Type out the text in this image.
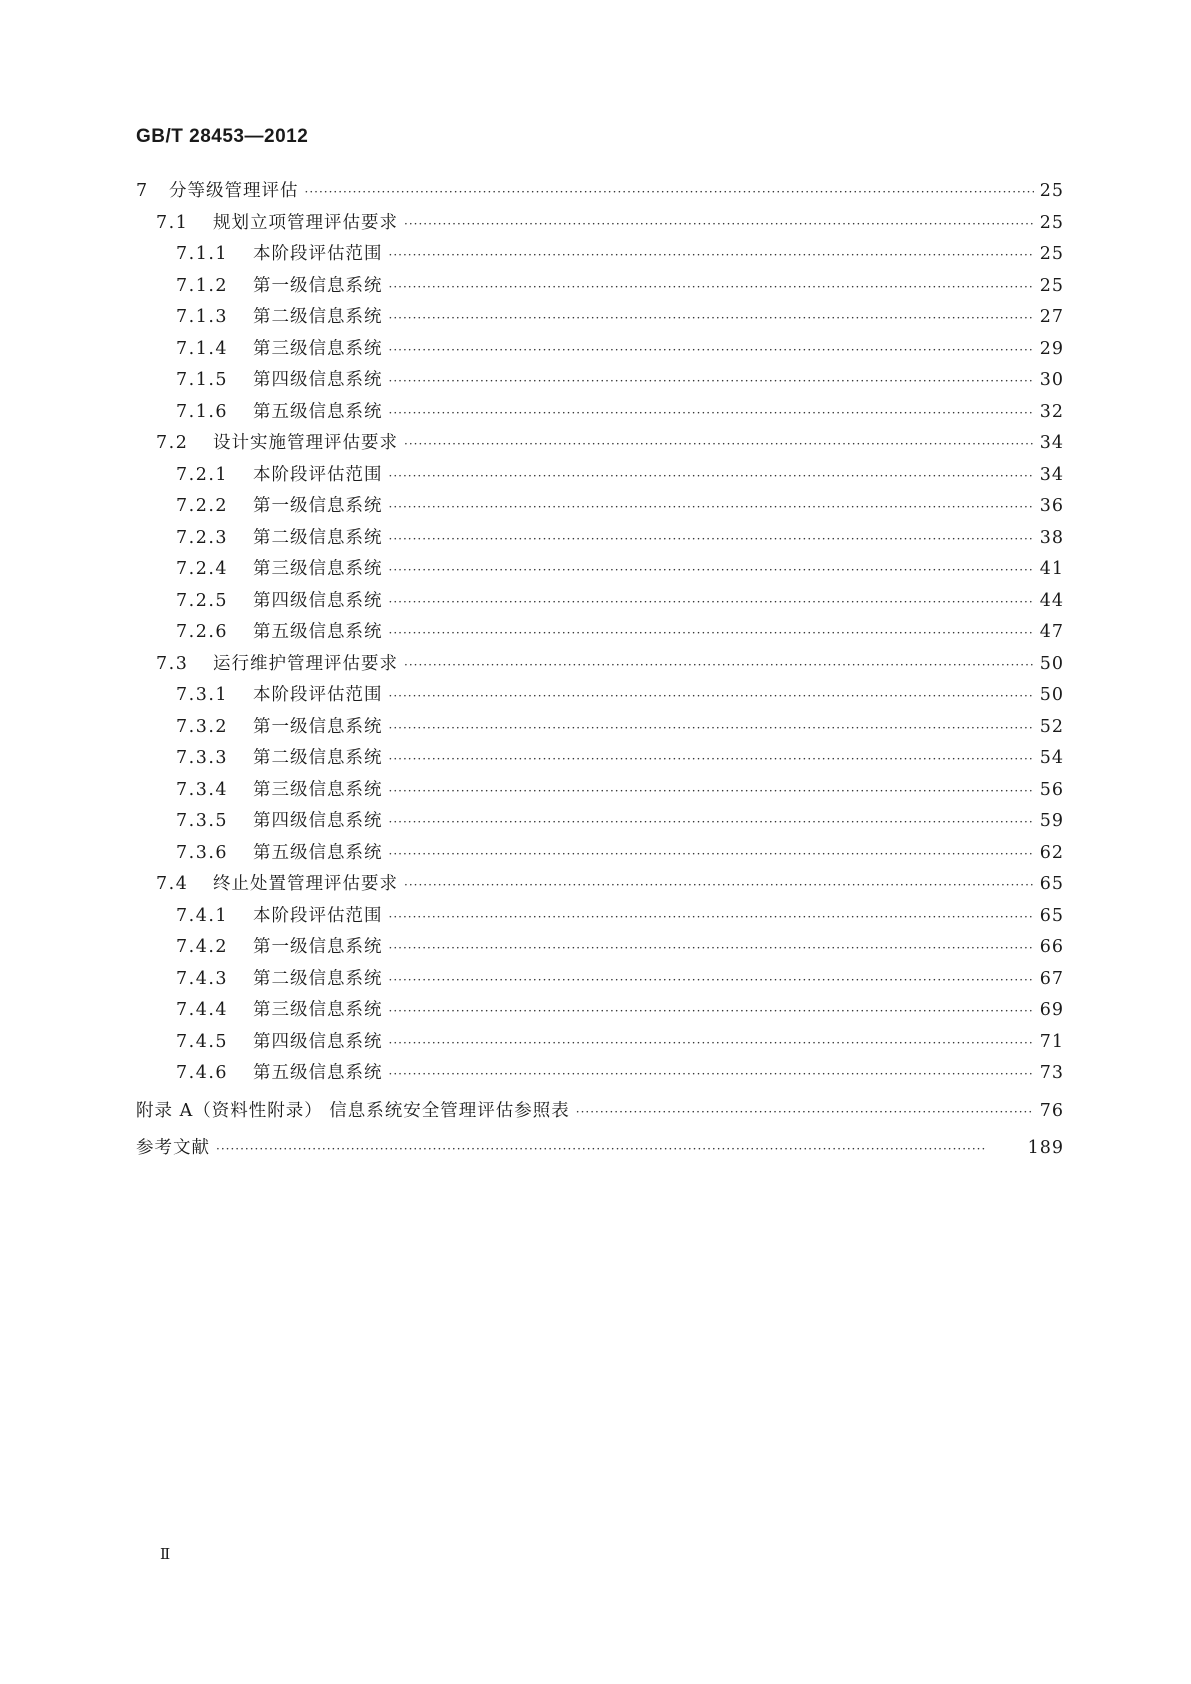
GB/T 28453—2012
7	分等级管理评估 ·····	25
7.1	规划立项管理评估要求 ·····	25
7.1.1	本阶段评估范围 ·····	25
7.1.2	第一级信息系统 ·····	25
7.1.3	第二级信息系统 ·····	27
7.1.4	第三级信息系统 ·····	29
7.1.5	第四级信息系统 ·····	30
7.1.6	第五级信息系统 ·····	32
7.2	设计实施管理评估要求 ·····	34
7.2.1	本阶段评估范围 ·····	34
7.2.2	第一级信息系统 ·····	36
7.2.3	第二级信息系统 ·····	38
7.2.4	第三级信息系统 ·····	41
7.2.5	第四级信息系统 ·····	44
7.2.6	第五级信息系统 ·····	47
7.3	运行维护管理评估要求 ·····	50
7.3.1	本阶段评估范围 ·····	50
7.3.2	第一级信息系统 ·····	52
7.3.3	第二级信息系统 ·····	54
7.3.4	第三级信息系统 ·····	56
7.3.5	第四级信息系统 ·····	59
7.3.6	第五级信息系统 ·····	62
7.4	终止处置管理评估要求 ·····	65
7.4.1	本阶段评估范围 ·····	65
7.4.2	第一级信息系统 ·····	66
7.4.3	第二级信息系统 ·····	67
7.4.4	第三级信息系统 ·····	69
7.4.5	第四级信息系统 ·····	71
7.4.6	第五级信息系统 ·····	73
附录 A（资料性附录） 信息系统安全管理评估参照表 ·····	76
参考文献 ·····	189
Ⅱ
